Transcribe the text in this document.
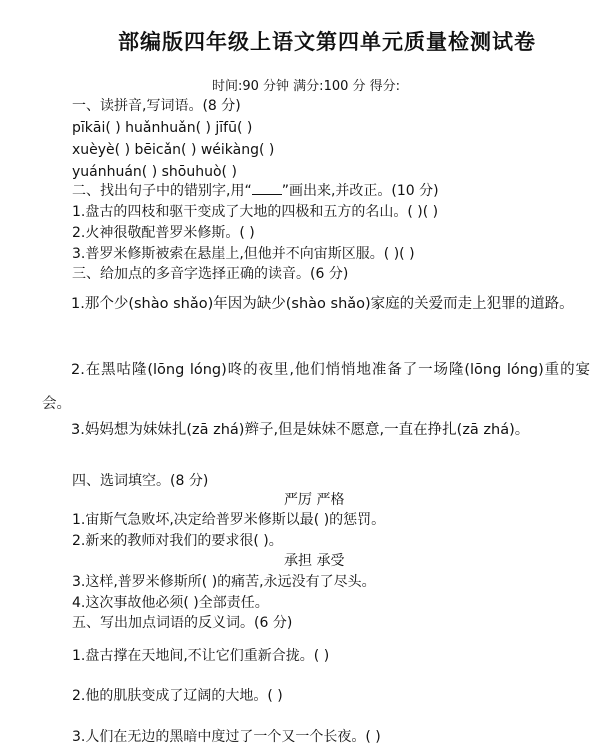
部编版四年级上语文第四单元质量检测试卷
时间:90 分钟 满分:100 分 得分:
一、读拼音,写词语。(8 分)
pīkāi( ) huǎnhuǎn( ) jīfū( )
xuèyè( ) bēicǎn( ) wéikàng( )
yuánhuán( ) shōuhuò( )
二、找出句子中的错别字,用“ ”画出来,并改正。(10 分)
1.盘古的四枝和驱干变成了大地的四极和五方的名山。( )( )
2.火神很敬配普罗米修斯。( )
3.普罗米修斯被索在悬崖上,但他并不向宙斯区服。( )( )
三、给加点的多音字选择正确的读音。(6 分)

1.那个少(shào shǎo)年因为缺少(shào shǎo)家庭的关爱而走上犯罪的道路。

2.在黑咕隆(lōng lóng)咚的夜里,他们悄悄地准备了一场隆(lōng lóng)重的宴会。

3.妈妈想为妹妹扎(zā zhá)辫子,但是妹妹不愿意,一直在挣扎(zā zhá)。

四、选词填空。(8 分)
严厉 严格
1.宙斯气急败坏,决定给普罗米修斯以最( )的惩罚。
2.新来的教师对我们的要求很( )。
承担 承受
3.这样,普罗米修斯所( )的痛苦,永远没有了尽头。
4.这次事故他必须( )全部责任。
五、写出加点词语的反义词。(6 分)
1.盘古撑在天地间,不让它们重新合拢。( )
2.他的肌肤变成了辽阔的大地。( )
3.人们在无边的黑暗中度过了一个又一个长夜。( )
